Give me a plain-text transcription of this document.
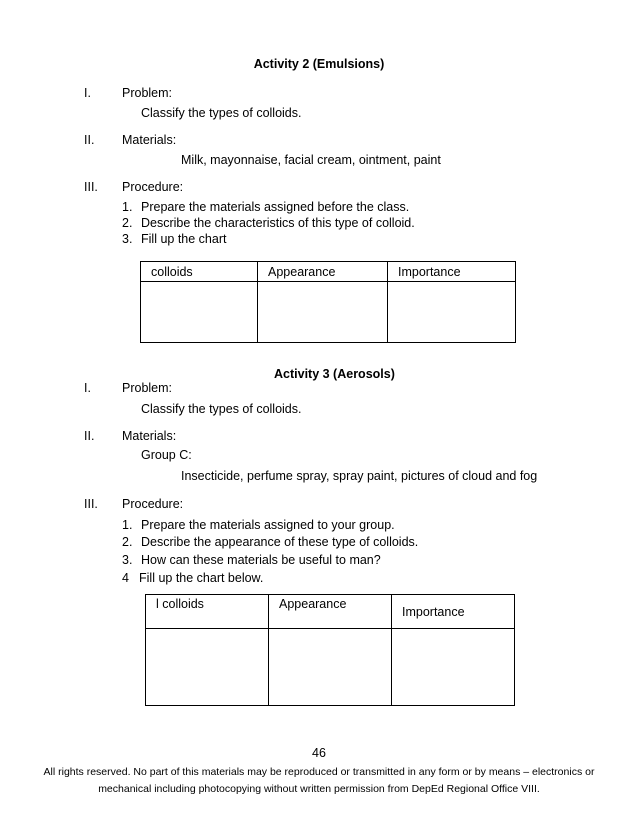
Activity 2 (Emulsions)
I. Problem:
Classify the types of colloids.
II. Materials:
Milk, mayonnaise, facial cream, ointment, paint
III. Procedure:
1. Prepare the materials assigned before the class.
2. Describe the characteristics of this type of colloid.
3. Fill up the chart
colloids	Appearance	Importance

Activity 3 (Aerosols)
I. Problem:
Classify the types of colloids.
II. Materials:
Group C:
Insecticide, perfume spray, spray paint, pictures of cloud and fog
III. Procedure:
1. Prepare the materials assigned to your group.
2. Describe the appearance of these type of colloids.
3. How can these materials be useful to man?
4 Fill up the chart below.
l colloids	Appearance	Importance

46
All rights reserved. No part of this materials may be reproduced or transmitted in any form or by means – electronics or
mechanical including photocopying without written permission from DepEd Regional Office VIII.
